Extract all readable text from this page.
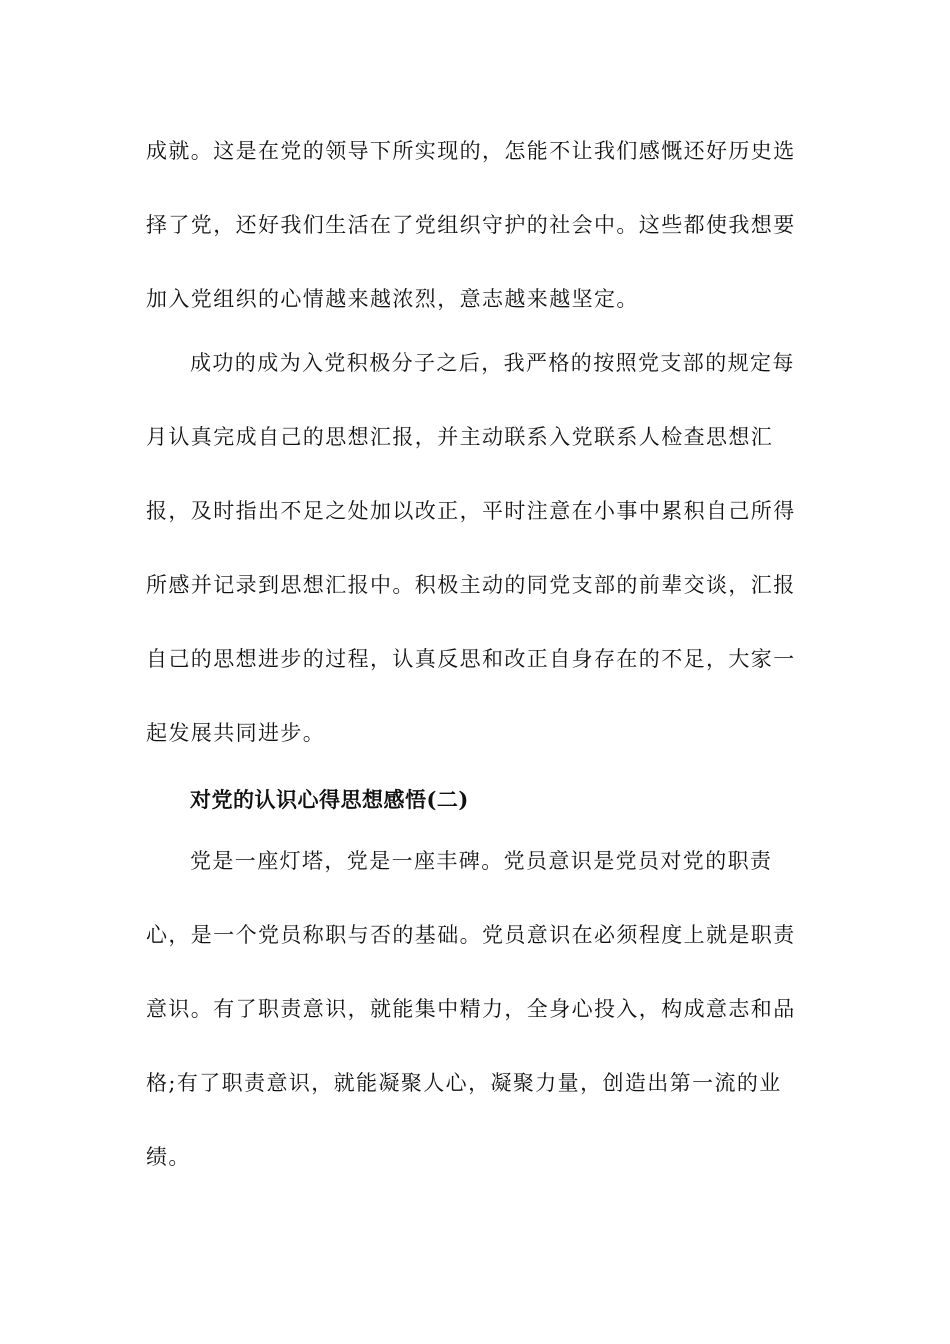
成就。这是在党的领导下所实现的，怎能不让我们感慨还好历史选
择了党，还好我们生活在了党组织守护的社会中。这些都使我想要
加入党组织的心情越来越浓烈，意志越来越坚定。
成功的成为入党积极分子之后，我严格的按照党支部的规定每
月认真完成自己的思想汇报，并主动联系入党联系人检查思想汇
报，及时指出不足之处加以改正，平时注意在小事中累积自己所得
所感并记录到思想汇报中。积极主动的同党支部的前辈交谈，汇报
自己的思想进步的过程，认真反思和改正自身存在的不足，大家一
起发展共同进步。
对党的认识心得思想感悟(二)
党是一座灯塔，党是一座丰碑。党员意识是党员对党的职责
心，是一个党员称职与否的基础。党员意识在必须程度上就是职责
意识。有了职责意识，就能集中精力，全身心投入，构成意志和品
格;有了职责意识，就能凝聚人心，凝聚力量，创造出第一流的业
绩。
